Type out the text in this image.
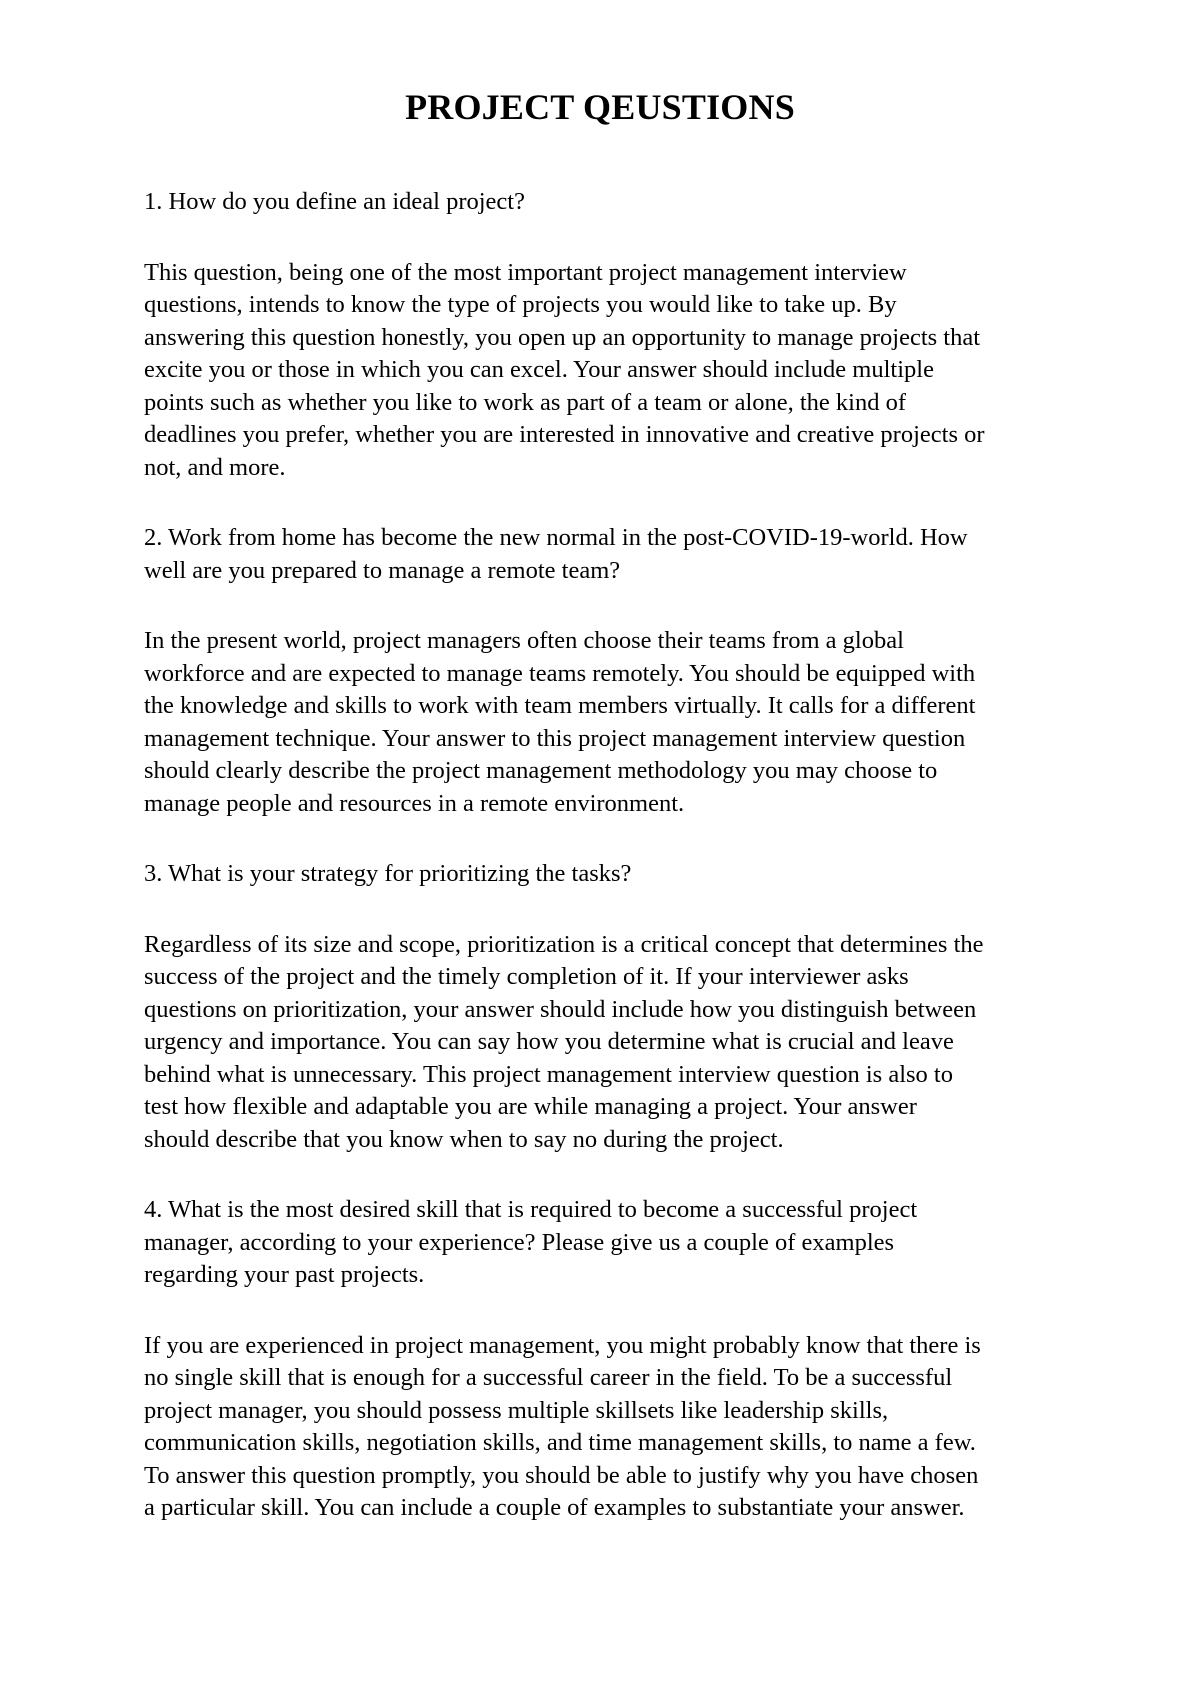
PROJECT QEUSTIONS
1. How do you define an ideal project?
This question, being one of the most important project management interview
questions, intends to know the type of projects you would like to take up. By
answering this question honestly, you open up an opportunity to manage projects that
excite you or those in which you can excel. Your answer should include multiple
points such as whether you like to work as part of a team or alone, the kind of
deadlines you prefer, whether you are interested in innovative and creative projects or
not, and more.
2. Work from home has become the new normal in the post-COVID-19-world. How
well are you prepared to manage a remote team?
In the present world, project managers often choose their teams from a global
workforce and are expected to manage teams remotely. You should be equipped with
the knowledge and skills to work with team members virtually. It calls for a different
management technique. Your answer to this project management interview question
should clearly describe the project management methodology you may choose to
manage people and resources in a remote environment.
3. What is your strategy for prioritizing the tasks?
Regardless of its size and scope, prioritization is a critical concept that determines the
success of the project and the timely completion of it. If your interviewer asks
questions on prioritization, your answer should include how you distinguish between
urgency and importance. You can say how you determine what is crucial and leave
behind what is unnecessary. This project management interview question is also to
test how flexible and adaptable you are while managing a project. Your answer
should describe that you know when to say no during the project.
4. What is the most desired skill that is required to become a successful project
manager, according to your experience? Please give us a couple of examples
regarding your past projects.
If you are experienced in project management, you might probably know that there is
no single skill that is enough for a successful career in the field. To be a successful
project manager, you should possess multiple skillsets like leadership skills,
communication skills, negotiation skills, and time management skills, to name a few.
To answer this question promptly, you should be able to justify why you have chosen
a particular skill. You can include a couple of examples to substantiate your answer.
